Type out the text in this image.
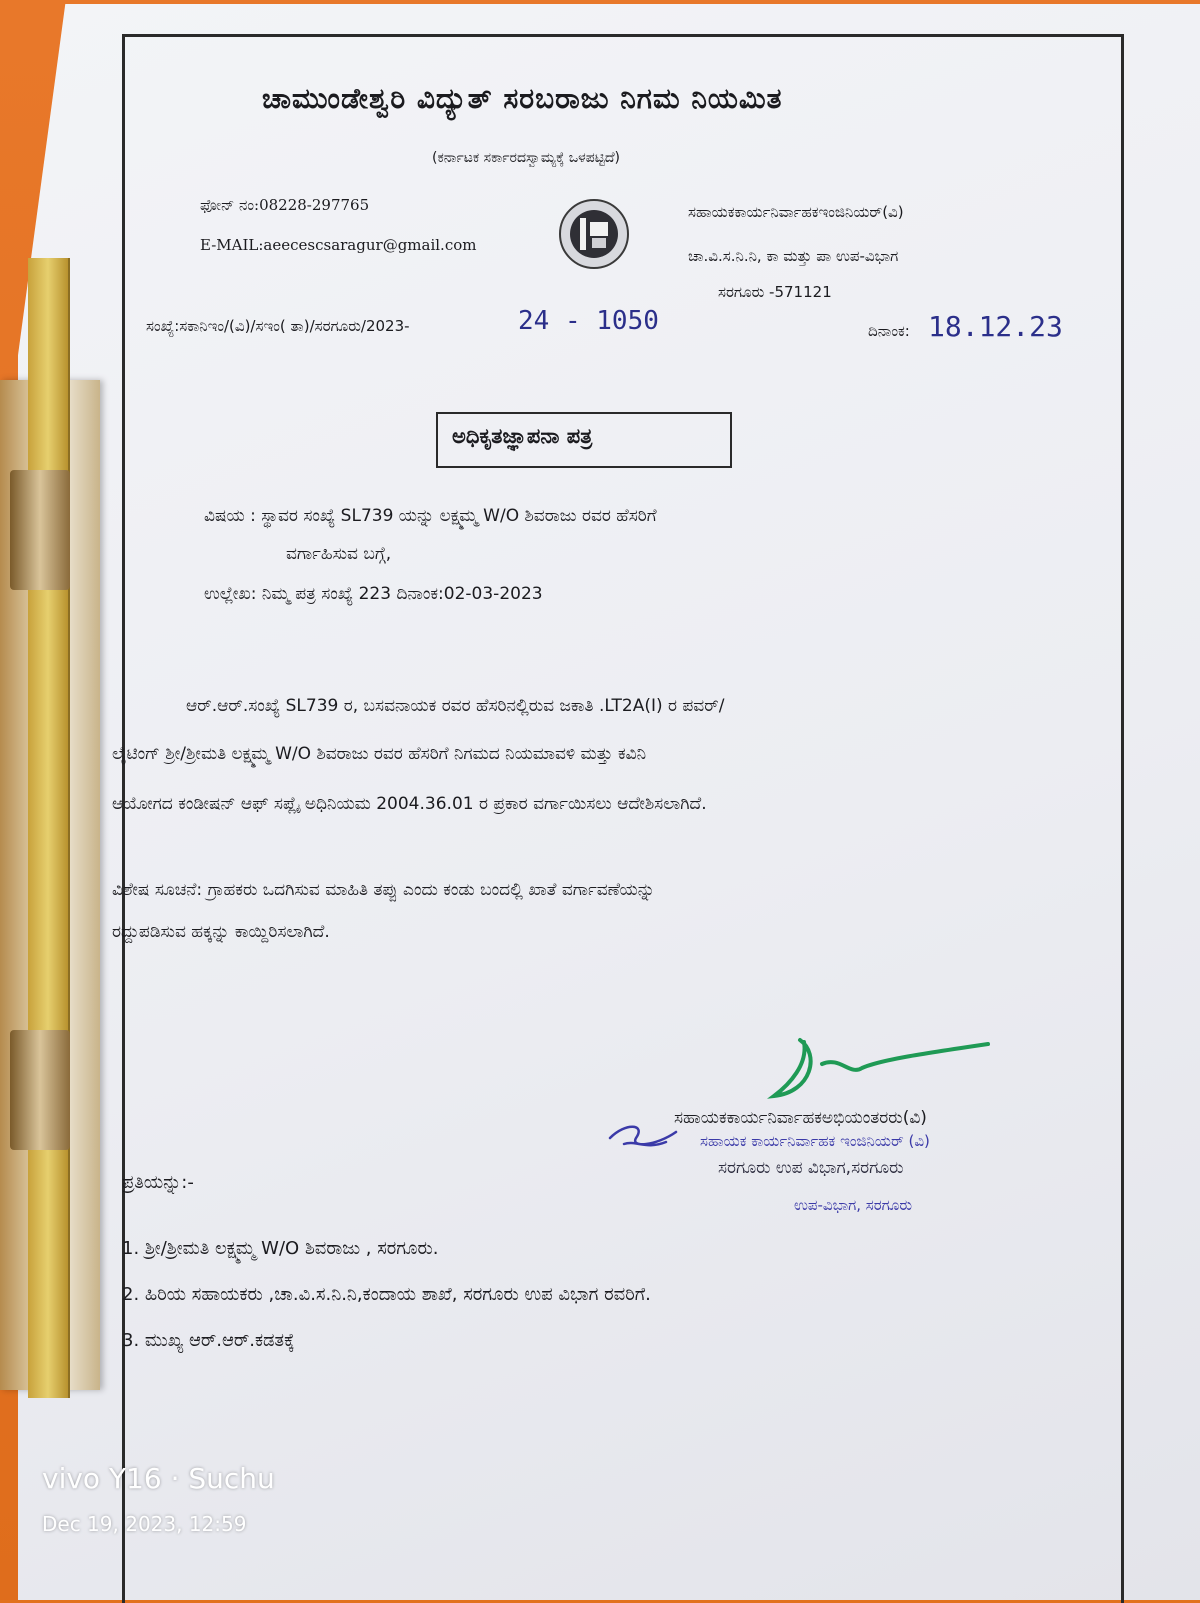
ಚಾಮುಂಡೇಶ್ವರಿ ವಿದ್ಯುತ್ ಸರಬರಾಜು ನಿಗಮ ನಿಯಮಿತ
(ಕರ್ನಾಟಕ ಸರ್ಕಾರದಸ್ವಾಮ್ಯಕ್ಕೆ ಒಳಪಟ್ಟಿದೆ)
ಫೋನ್ ನಂ:08228-297765
E-MAIL:aeecescsaragur@gmail.com
ಸಹಾಯಕಕಾರ್ಯನಿರ್ವಾಹಕಇಂಜಿನಿಯರ್(ವಿ)
ಚಾ.ವಿ.ಸ.ನಿ.ನಿ, ಕಾ ಮತ್ತು ಪಾ ಉಪ-ವಿಭಾಗ
ಸರಗೂರು -571121
ಸಂಖ್ಯೆ:ಸಕಾನಿಇಂ/(ವಿ)/ಸಇಂ( ತಾ)/ಸರಗೂರು/2023-	24 - 1050	ದಿನಾಂಕ: 18.12.23
ಅಧಿಕೃತಜ್ಞಾಪನಾ ಪತ್ರ
ವಿಷಯ : ಸ್ಥಾವರ ಸಂಖ್ಯೆ SL739 ಯನ್ನು ಲಕ್ಷ್ಮಮ್ಮ W/O ಶಿವರಾಜು ರವರ ಹೆಸರಿಗೆ
ವರ್ಗಾಹಿಸುವ ಬಗ್ಗೆ,
ಉಲ್ಲೇಖ: ನಿಮ್ಮ ಪತ್ರ ಸಂಖ್ಯೆ 223 ದಿನಾಂಕ:02-03-2023
ಆರ್.ಆರ್.ಸಂಖ್ಯೆ SL739 ರ, ಬಸವನಾಯಕ ರವರ ಹೆಸರಿನಲ್ಲಿರುವ ಜಕಾತಿ .LT2A(I) ರ ಪವರ್/
ಲೈಟಿಂಗ್ ಶ್ರೀ/ಶ್ರೀಮತಿ ಲಕ್ಷ್ಮಮ್ಮ W/O ಶಿವರಾಜು ರವರ ಹೆಸರಿಗೆ ನಿಗಮದ ನಿಯಮಾವಳಿ ಮತ್ತು ಕವಿನಿ
ಆಯೋಗದ ಕಂಡೀಷನ್ ಆಫ್ ಸಪ್ಲೈ ಅಧಿನಿಯಮ 2004.36.01 ರ ಪ್ರಕಾರ ವರ್ಗಾಯಿಸಲು ಆದೇಶಿಸಲಾಗಿದೆ.
ವಿಶೇಷ ಸೂಚನೆ: ಗ್ರಾಹಕರು ಒದಗಿಸುವ ಮಾಹಿತಿ ತಪ್ಪು ಎಂದು ಕಂಡು ಬಂದಲ್ಲಿ ಖಾತೆ ವರ್ಗಾವಣೆಯನ್ನು
ರದ್ದುಪಡಿಸುವ ಹಕ್ಕನ್ನು ಕಾಯ್ದಿರಿಸಲಾಗಿದೆ.
ಸಹಾಯಕಕಾರ್ಯನಿರ್ವಾಹಕಅಭಿಯಂತರರು(ವಿ)
ಸಹಾಯಕ ಕಾರ್ಯನಿರ್ವಾಹಕ ಇಂಜಿನಿಯರ್ (ವಿ)
ಸರಗೂರು ಉಪ ವಿಭಾಗ,ಸರಗೂರು
ಉಪ-ವಿಭಾಗ, ಸರಗೂರು
ಪ್ರತಿಯನ್ನು:-
1. ಶ್ರೀ/ಶ್ರೀಮತಿ ಲಕ್ಷ್ಮಮ್ಮ W/O ಶಿವರಾಜು , ಸರಗೂರು.
2. ಹಿರಿಯ ಸಹಾಯಕರು ,ಚಾ.ವಿ.ಸ.ನಿ.ನಿ,ಕಂದಾಯ ಶಾಖೆ, ಸರಗೂರು ಉಪ ವಿಭಾಗ ರವರಿಗೆ.
3. ಮುಖ್ಯ ಆರ್.ಆರ್.ಕಡತಕ್ಕೆ
vivo Y16 · Suchu
Dec 19, 2023, 12:59
